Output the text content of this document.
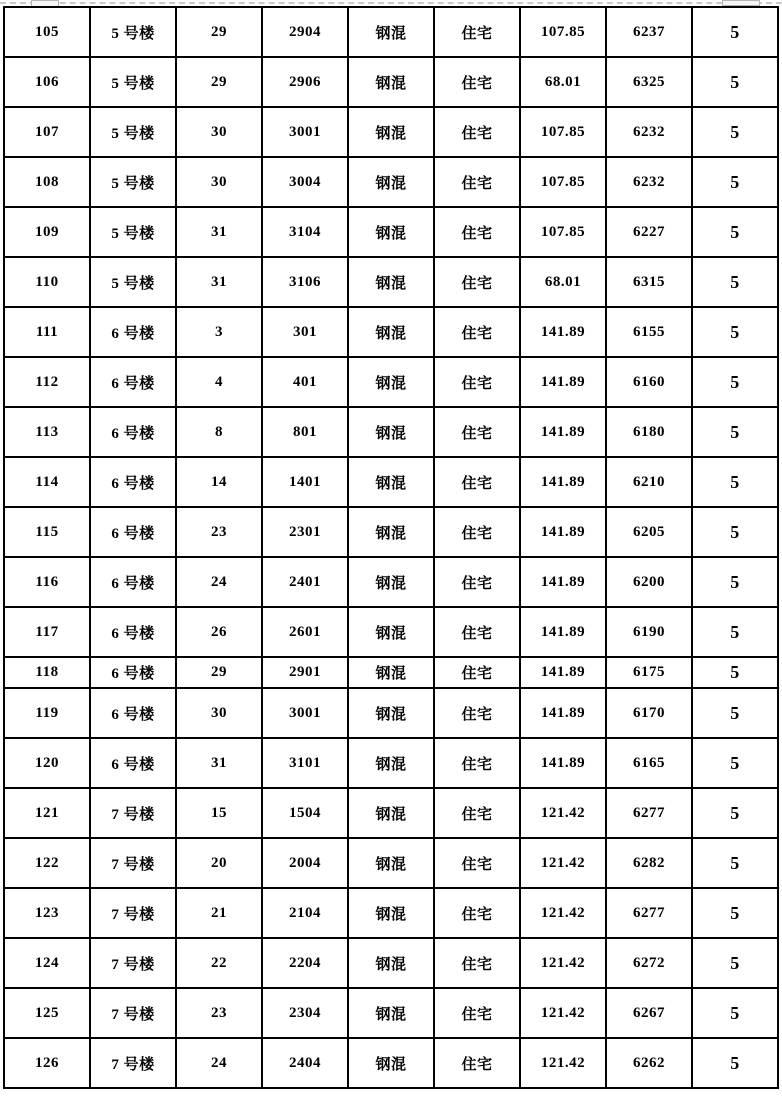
105	5 号楼	29	2904	钢混	住宅	107.85	6237	5
106	5 号楼	29	2906	钢混	住宅	68.01	6325	5
107	5 号楼	30	3001	钢混	住宅	107.85	6232	5
108	5 号楼	30	3004	钢混	住宅	107.85	6232	5
109	5 号楼	31	3104	钢混	住宅	107.85	6227	5
110	5 号楼	31	3106	钢混	住宅	68.01	6315	5
111	6 号楼	3	301	钢混	住宅	141.89	6155	5
112	6 号楼	4	401	钢混	住宅	141.89	6160	5
113	6 号楼	8	801	钢混	住宅	141.89	6180	5
114	6 号楼	14	1401	钢混	住宅	141.89	6210	5
115	6 号楼	23	2301	钢混	住宅	141.89	6205	5
116	6 号楼	24	2401	钢混	住宅	141.89	6200	5
117	6 号楼	26	2601	钢混	住宅	141.89	6190	5
118	6 号楼	29	2901	钢混	住宅	141.89	6175	5
119	6 号楼	30	3001	钢混	住宅	141.89	6170	5
120	6 号楼	31	3101	钢混	住宅	141.89	6165	5
121	7 号楼	15	1504	钢混	住宅	121.42	6277	5
122	7 号楼	20	2004	钢混	住宅	121.42	6282	5
123	7 号楼	21	2104	钢混	住宅	121.42	6277	5
124	7 号楼	22	2204	钢混	住宅	121.42	6272	5
125	7 号楼	23	2304	钢混	住宅	121.42	6267	5
126	7 号楼	24	2404	钢混	住宅	121.42	6262	5
